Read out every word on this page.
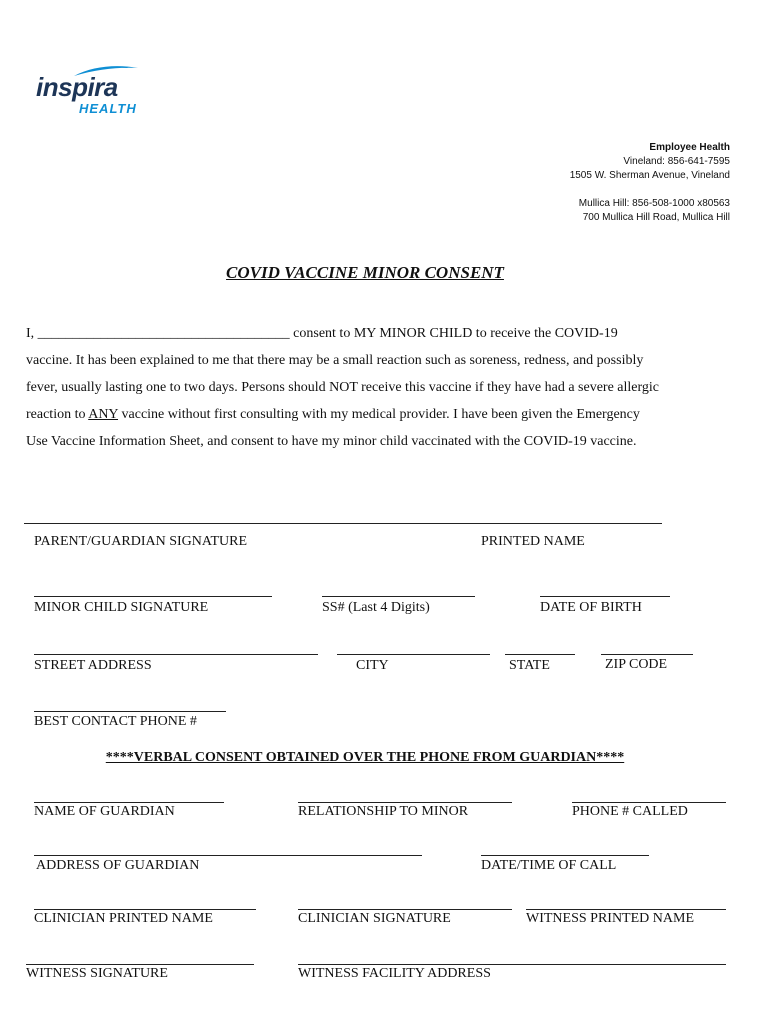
inspira
HEALTH
Employee Health
Vineland: 856-641-7595
1505 W. Sherman Avenue, Vineland
Mullica Hill: 856-508-1000 x80563
700 Mullica Hill Road, Mullica Hill
COVID VACCINE MINOR CONSENT

I, ____________________________________ consent to MY MINOR CHILD to receive the COVID-19

vaccine. It has been explained to me that there may be a small reaction such as soreness, redness, and possibly

fever, usually lasting one to two days. Persons should NOT receive this vaccine if they have had a severe allergic

reaction to ANY vaccine without first consulting with my medical provider. I have been given the Emergency

Use Vaccine Information Sheet, and consent to have my minor child vaccinated with the COVID-19 vaccine.

PARENT/GUARDIAN SIGNATURE	PRINTED NAME
MINOR CHILD SIGNATURE	SS# (Last 4 Digits)	DATE OF BIRTH
STREET ADDRESS	CITY	STATE	ZIP CODE
BEST CONTACT PHONE #
****VERBAL CONSENT OBTAINED OVER THE PHONE FROM GUARDIAN****
NAME OF GUARDIAN	RELATIONSHIP TO MINOR	PHONE # CALLED
ADDRESS OF GUARDIAN	DATE/TIME OF CALL
CLINICIAN PRINTED NAME	CLINICIAN SIGNATURE	WITNESS PRINTED NAME
WITNESS SIGNATURE	WITNESS FACILITY ADDRESS
